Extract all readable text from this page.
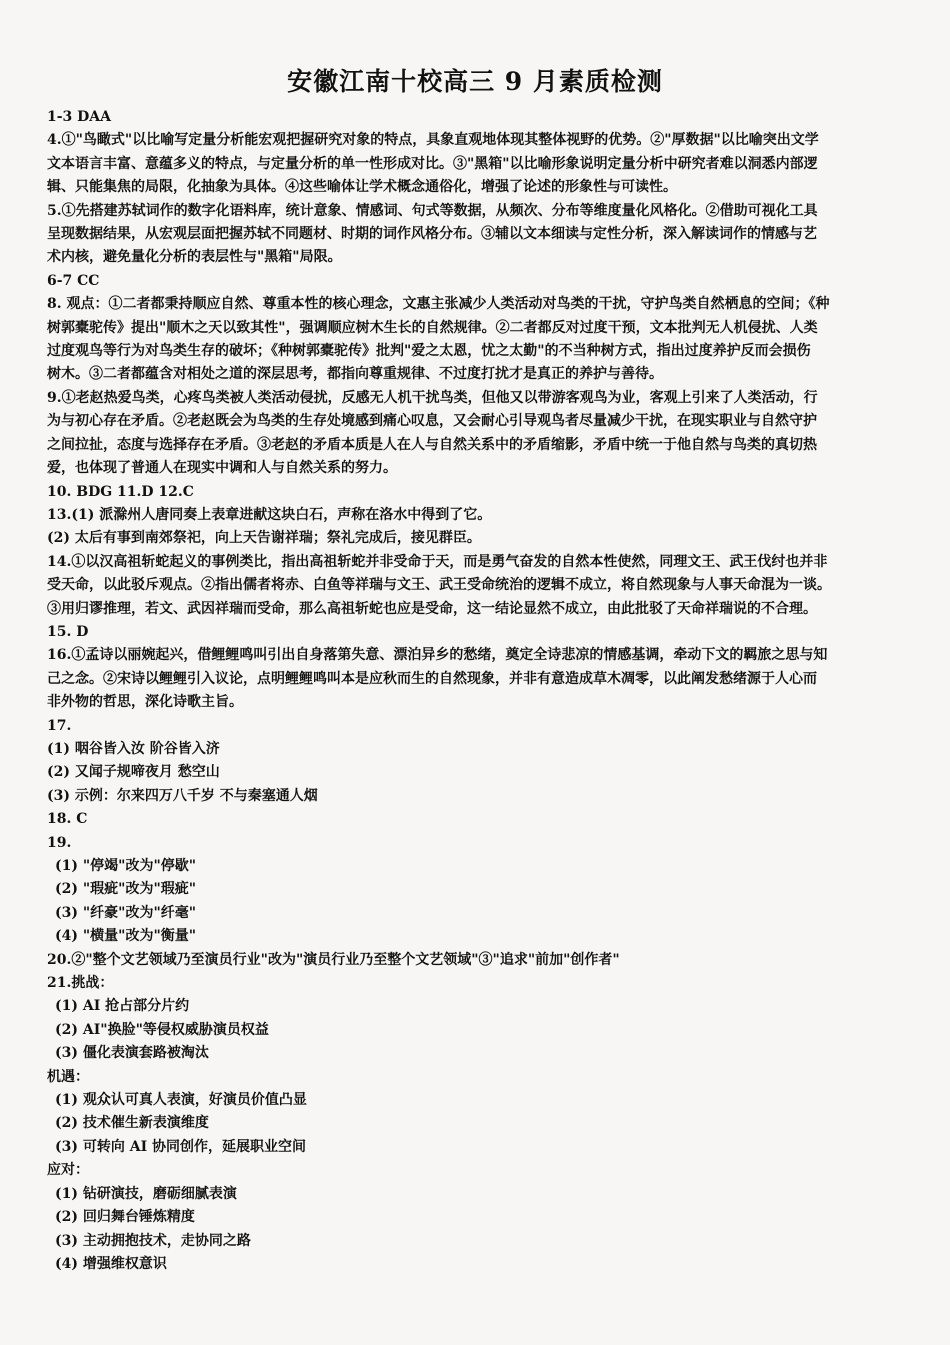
安徽江南十校高三 9 月素质检测
1-3 DAA
4.①"鸟瞰式"以比喻写定量分析能宏观把握研究对象的特点，具象直观地体现其整体视野的优势。②"厚数据"以比喻突出文学
文本语言丰富、意蕴多义的特点，与定量分析的单一性形成对比。③"黑箱"以比喻形象说明定量分析中研究者难以洞悉内部逻
辑、只能集焦的局限，化抽象为具体。④这些喻体让学术概念通俗化，增强了论述的形象性与可读性。
5.①先搭建苏轼词作的数字化语料库，统计意象、情感词、句式等数据，从频次、分布等维度量化风格化。②借助可视化工具
呈现数据结果，从宏观层面把握苏轼不同题材、时期的词作风格分布。③辅以文本细读与定性分析，深入解读词作的情感与艺
术内核，避免量化分析的表层性与"黑箱"局限。
6-7 CC
8. 观点：①二者都秉持顺应自然、尊重本性的核心理念，文惠主张减少人类活动对鸟类的干扰，守护鸟类自然栖息的空间；《种
树郭橐驼传》提出"顺木之天以致其性"，强调顺应树木生长的自然规律。②二者都反对过度干预，文本批判无人机侵扰、人类
过度观鸟等行为对鸟类生存的破坏；《种树郭橐驼传》批判"爱之太恩，忧之太勤"的不当种树方式，指出过度养护反而会损伤
树木。③二者都蕴含对相处之道的深层思考，都指向尊重规律、不过度打扰才是真正的养护与善待。
9.①老赵热爱鸟类，心疼鸟类被人类活动侵扰，反感无人机干扰鸟类，但他又以带游客观鸟为业，客观上引来了人类活动，行
为与初心存在矛盾。②老赵既会为鸟类的生存处境感到痛心叹息，又会耐心引导观鸟者尽量减少干扰，在现实职业与自然守护
之间拉扯，态度与选择存在矛盾。③老赵的矛盾本质是人在人与自然关系中的矛盾缩影，矛盾中统一于他自然与鸟类的真切热
爱，也体现了普通人在现实中调和人与自然关系的努力。
10. BDG 11.D 12.C
13.(1) 派滁州人唐同奏上表章进献这块白石，声称在洛水中得到了它。
(2) 太后有事到南郊祭祀，向上天告谢祥瑞；祭礼完成后，接见群臣。
14.①以汉高祖斩蛇起义的事例类比，指出高祖斩蛇并非受命于天，而是勇气奋发的自然本性使然，同理文王、武王伐纣也并非
受天命，以此驳斥观点。②指出儒者将赤、白鱼等祥瑞与文王、武王受命统治的逻辑不成立，将自然现象与人事天命混为一谈。
③用归谬推理，若文、武因祥瑞而受命，那么高祖斩蛇也应是受命，这一结论显然不成立，由此批驳了天命祥瑞说的不合理。
15. D
16.①孟诗以丽婉起兴，借鲤鲤鸣叫引出自身落第失意、漂泊异乡的愁绪，奠定全诗悲凉的情感基调，牵动下文的羁旅之思与知
己之念。②宋诗以鲤鲤引入议论，点明鲤鲤鸣叫本是应秋而生的自然现象，并非有意造成草木凋零，以此阐发愁绪源于人心而
非外物的哲思，深化诗歌主旨。
17.
(1) 咽谷皆入汝 阶谷皆入济
(2) 又闻子规啼夜月 愁空山
(3) 示例：尔来四万八千岁 不与秦塞通人烟
18. C
19.
(1) "停竭"改为"停歇"
(2) "瑕疵"改为"瑕疵"
(3) "纤豪"改为"纤毫"
(4) "横量"改为"衡量"
20.②"整个文艺领域乃至演员行业"改为"演员行业乃至整个文艺领域"③"追求"前加"创作者"
21.挑战：
(1) AI 抢占部分片约
(2) AI"换脸"等侵权威胁演员权益
(3) 僵化表演套路被淘汰
机遇：
(1) 观众认可真人表演，好演员价值凸显
(2) 技术催生新表演维度
(3) 可转向 AI 协同创作，延展职业空间
应对：
(1) 钻研演技，磨砺细腻表演
(2) 回归舞台锤炼精度
(3) 主动拥抱技术，走协同之路
(4) 增强维权意识
